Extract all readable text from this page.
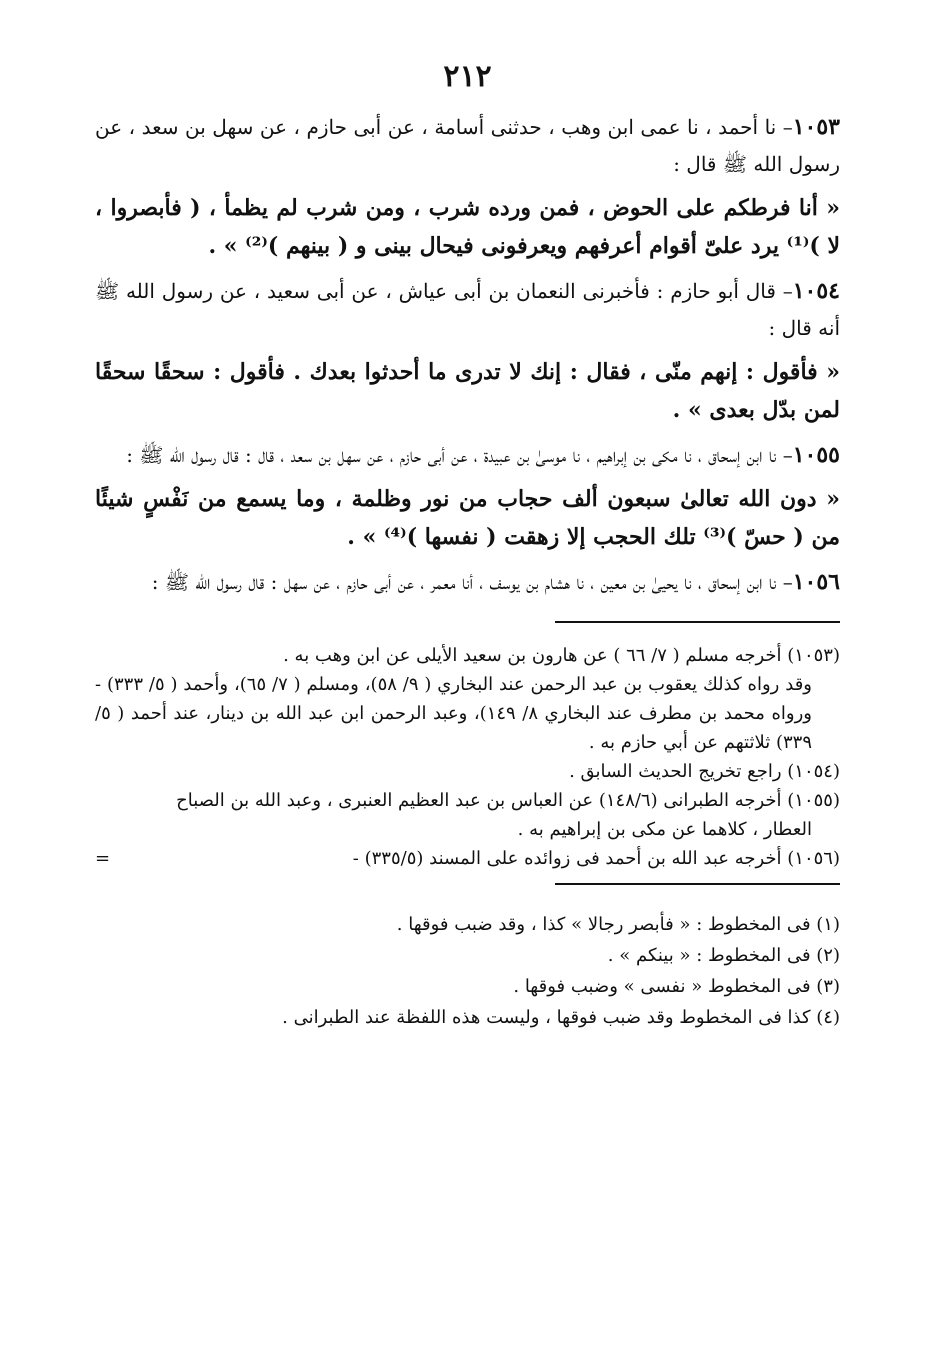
٢١٢

١٠٥٣– نا أحمد ، نا عمى ابن وهب ، حدثنى أسامة ، عن أبى حازم ، عن سهل بن سعد ، عن رسول الله ﷺ قال :

« أنا فرطكم على الحوض ، فمن ورده شرب ، ومن شرب لم يظمأ ، ( فأبصروا ، لا )⁽¹⁾ يرد علىّ أقوام أعرفهم ويعرفونى فيحال بينى و ( بينهم )⁽²⁾ » .

١٠٥٤– قال أبو حازم : فأخبرنى النعمان بن أبى عياش ، عن أبى سعيد ، عن رسول الله ﷺ أنه قال :

« فأقول : إنهم منّى ، فقال : إنك لا تدرى ما أحدثوا بعدك . فأقول : سحقًا سحقًا لمن بدّل بعدى » .

١٠٥٥– نا ابن إسحاق ، نا مكى بن إبراهيم ، نا موسىٰ بن عبيدة ، عن أبى حازم ، عن سهل بن سعد ، قال : قال رسول الله ﷺ :

« دون الله تعالىٰ سبعون ألف حجاب من نور وظلمة ، وما يسمع من نَفْسٍ شيئًا من ( حسّ )⁽³⁾ تلك الحجب إلا زهقت ( نفسها )⁽⁴⁾ » .

١٠٥٦– نا ابن إسحاق ، نا يحيىٰ بن معين ، نا هشام بن يوسف ، أنا معمر ، عن أبى حازم ، عن سهل : قال رسول الله ﷺ :

(١٠٥٣) أخرجه مسلم ( ٧/ ٦٦ ) عن هارون بن سعيد الأيلى عن ابن وهب به .
وقد رواه كذلك يعقوب بن عبد الرحمن عند البخاري ( ٩/ ٥٨)، ومسلم ( ٧/ ٦٥)، وأحمد ( ٥/ ٣٣٣) - ورواه محمد بن مطرف عند البخاري ٨/ ١٤٩)، وعبد الرحمن ابن عبد الله بن دينار، عند أحمد ( ٥/ ٣٣٩) ثلاثتهم عن أبي حازم به .
(١٠٥٤) راجع تخريج الحديث السابق .
(١٠٥٥) أخرجه الطبرانى (١٤٨/٦) عن العباس بن عبد العظيم العنبرى ، وعبد الله بن الصباح
العطار ، كلاهما عن مكى بن إبراهيم به .
(١٠٥٦) أخرجه عبد الله بن أحمد فى زوائده على المسند (٣٣٥/٥) -
=
(١) فى المخطوط : « فأبصر رجالا » كذا ، وقد ضبب فوقها .
(٢) فى المخطوط : « بينكم » .
(٣) فى المخطوط « نفسى » وضبب فوقها .
(٤) كذا فى المخطوط وقد ضبب فوقها ، وليست هذه اللفظة عند الطبرانى .
